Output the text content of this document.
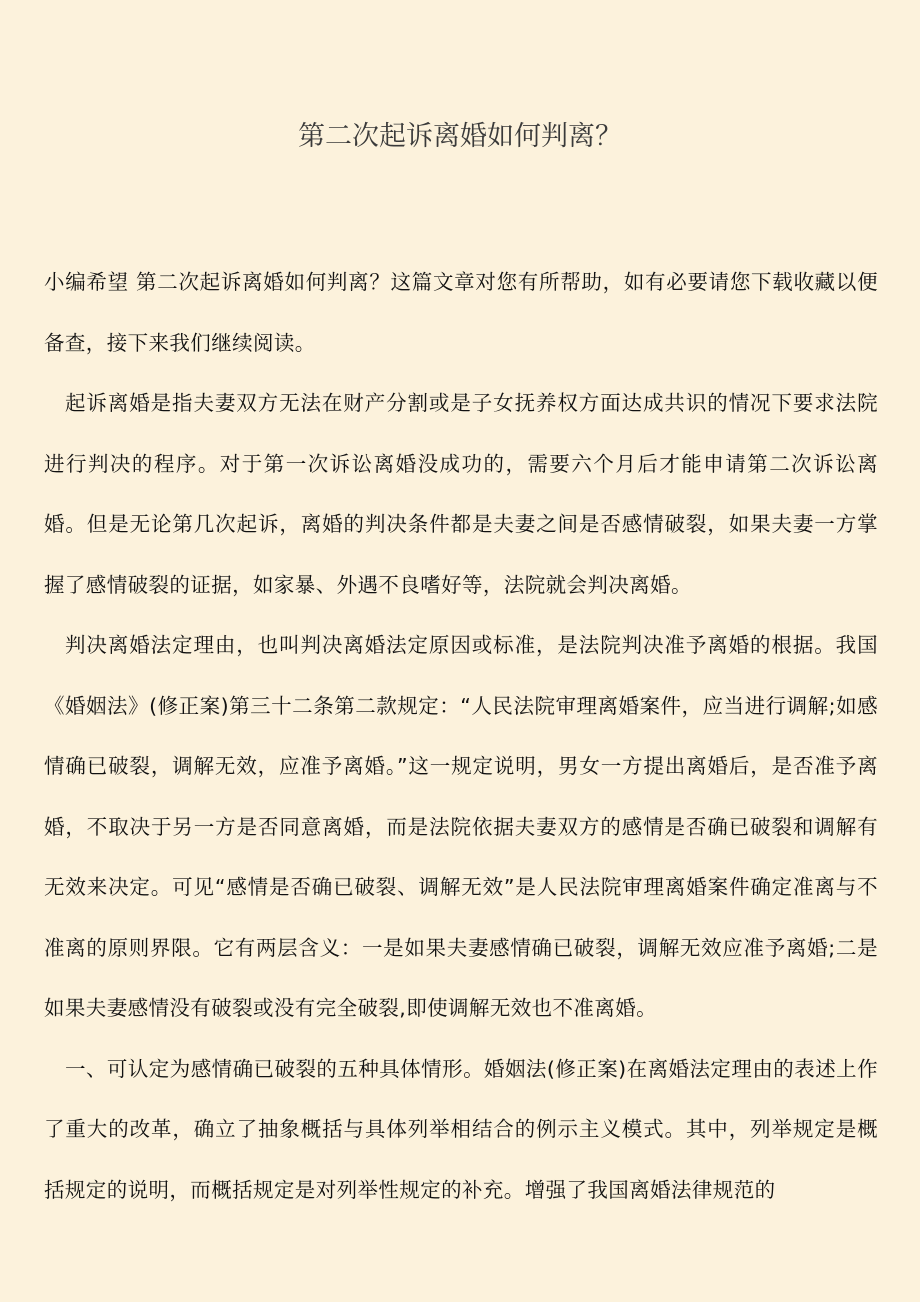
第二次起诉离婚如何判离？

小编希望 第二次起诉离婚如何判离？这篇文章对您有所帮助，如有必要请您下载收藏以便备查，接下来我们继续阅读。

起诉离婚是指夫妻双方无法在财产分割或是子女抚养权方面达成共识的情况下要求法院进行判决的程序。对于第一次诉讼离婚没成功的，需要六个月后才能申请第二次诉讼离婚。但是无论第几次起诉，离婚的判决条件都是夫妻之间是否感情破裂，如果夫妻一方掌握了感情破裂的证据，如家暴、外遇不良嗜好等，法院就会判决离婚。

判决离婚法定理由，也叫判决离婚法定原因或标准，是法院判决准予离婚的根据。我国《婚姻法》(修正案)第三十二条第二款规定：“人民法院审理离婚案件，应当进行调解;如感情确已破裂，调解无效，应准予离婚。”这一规定说明，男女一方提出离婚后，是否准予离婚，不取决于另一方是否同意离婚，而是法院依据夫妻双方的感情是否确已破裂和调解有无效来决定。可见“感情是否确已破裂、调解无效”是人民法院审理离婚案件确定准离与不准离的原则界限。它有两层含义：一是如果夫妻感情确已破裂，调解无效应准予离婚;二是如果夫妻感情没有破裂或没有完全破裂,即使调解无效也不准离婚。

一、可认定为感情确已破裂的五种具体情形。婚姻法(修正案)在离婚法定理由的表述上作了重大的改革，确立了抽象概括与具体列举相结合的例示主义模式。其中，列举规定是概括规定的说明，而概括规定是对列举性规定的补充。增强了我国离婚法律规范的
